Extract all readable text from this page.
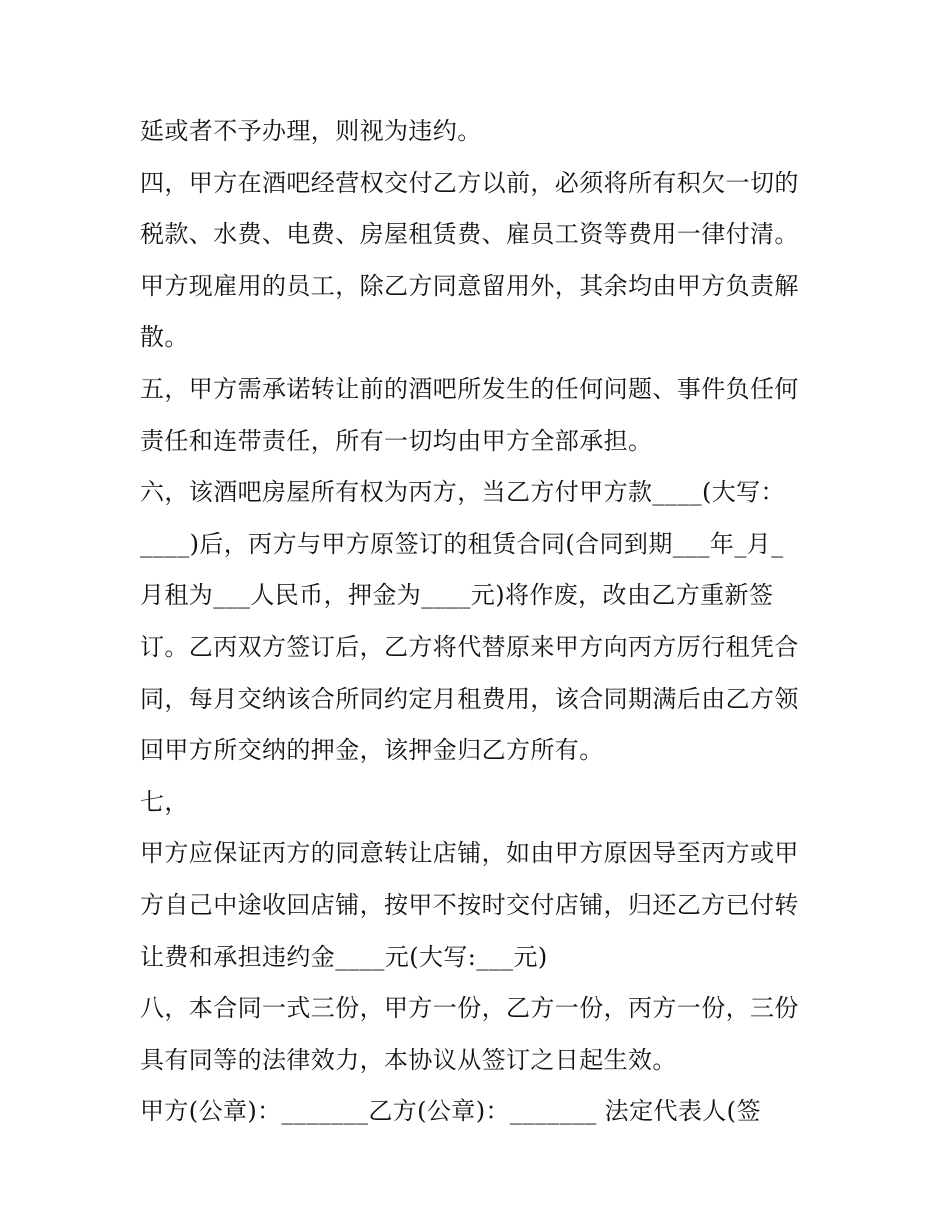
延或者不予办理，则视为违约。
四，甲方在酒吧经营权交付乙方以前，必须将所有积欠一切的
税款、水费、电费、房屋租赁费、雇员工资等费用一律付清。
甲方现雇用的员工，除乙方同意留用外，其余均由甲方负责解
散。
五，甲方需承诺转让前的酒吧所发生的任何问题、事件负任何
责任和连带责任，所有一切均由甲方全部承担。
六，该酒吧房屋所有权为丙方，当乙方付甲方款____(大写：
____)后，丙方与甲方原签订的租赁合同(合同到期___年_月_
月租为___人民币，押金为____元)将作废，改由乙方重新签
订。乙丙双方签订后，乙方将代替原来甲方向丙方厉行租凭合
同，每月交纳该合所同约定月租费用，该合同期满后由乙方领
回甲方所交纳的押金，该押金归乙方所有。
七，
甲方应保证丙方的同意转让店铺，如由甲方原因导至丙方或甲
方自己中途收回店铺，按甲不按时交付店铺，归还乙方已付转
让费和承担违约金____元(大写:___元)
八，本合同一式三份，甲方一份，乙方一份，丙方一份，三份
具有同等的法律效力，本协议从签订之日起生效。
甲方(公章)：_______乙方(公章)：_______ 法定代表人(签
